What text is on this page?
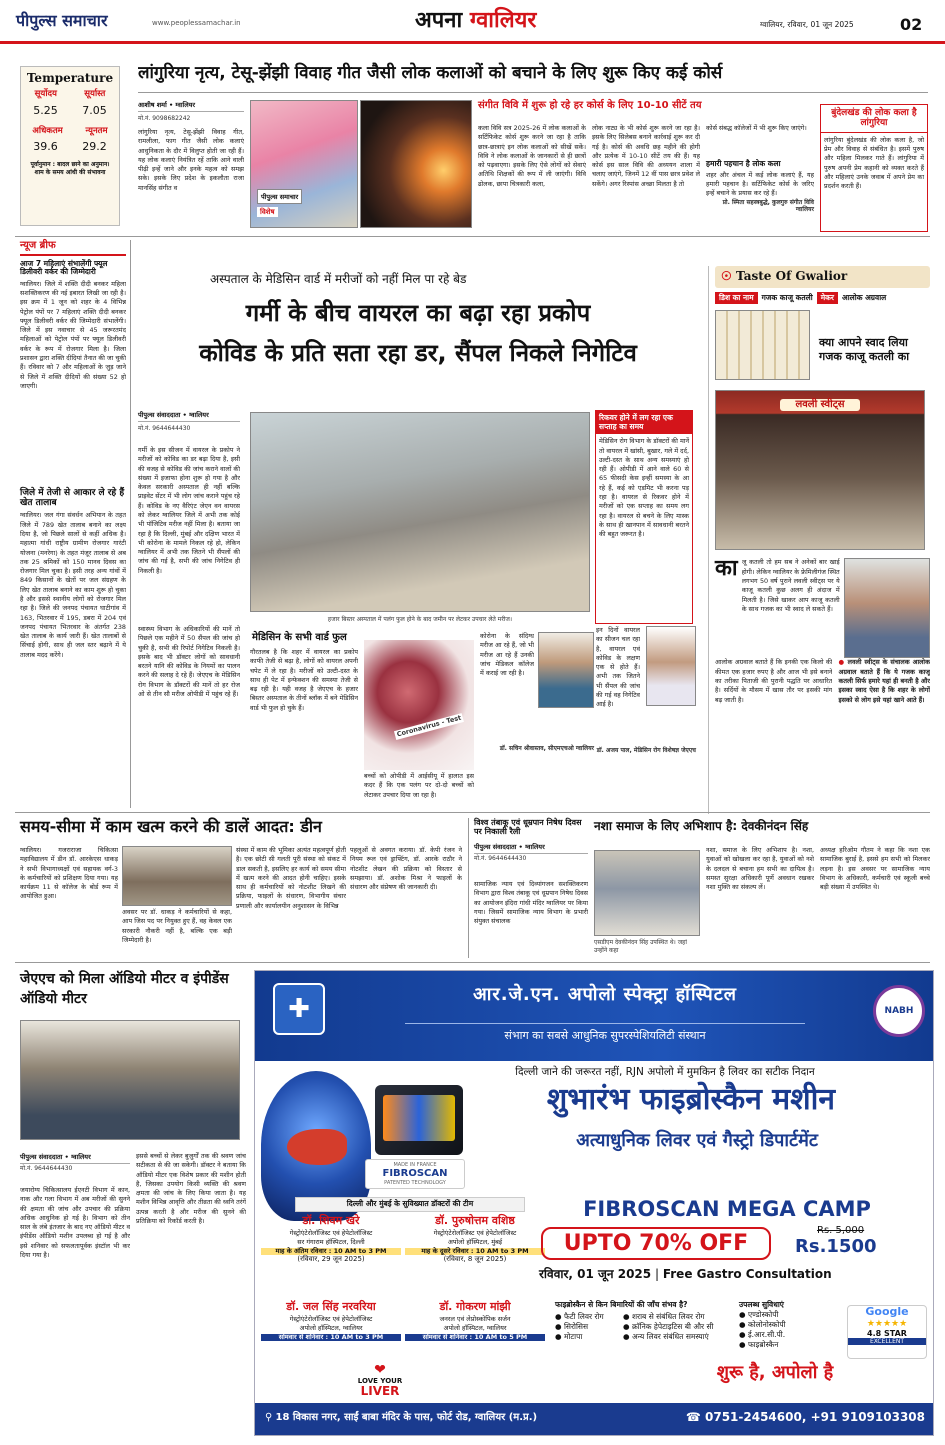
पीपुल्स समाचार	www.peoplessamachar.in	अपना ग्वालियर	ग्वालियर, रविवार, 01 जून 2025	02
Temperature
सूर्योदय	सूर्यास्त
5.25 7.05
अधिकतम	न्यूनतम
39.6 29.2
पूर्वानुमान : बादल छाने का अनुमान। शाम के समय आंधी की संभावना
लांगुरिया नृत्य, टेसू-झेंझी विवाह गीत जैसी लोक कलाओं को बचाने के लिए शुरू किए कई कोर्स
आशीष शर्मा • ग्वालियर
मो.नं. 9098682242
लांगुरिया नृत्य, टेसू-झेंझी विवाह गीत, रामलीला, फाग गीत जैसी लोक कलाएं आधुनिकता के दौर में विलुप्त होती जा रही हैं। यह लोक कलाएं नियंत्रित रहें ताकि आने वाली पीढ़ी इन्हें जाने और इनके महत्व को समझ सके। इसके लिए प्रदेश के इकलौता राजा मानसिंह संगीत व
पीपुल्स समाचार
विशेष
संगीत विवि में शुरू हो रहे हर कोर्स के लिए 10-10 सीटें तय
कला विवि सत्र 2025-26 में लोक कलाओं के सर्टिफिकेट कोर्स शुरू करने जा रहा है ताकि छात्र-छात्राएं इन लोक कलाओं को सीखें सकें। विवि ने लोक कलाओं के जानकारों से ही छात्रों को पढ़वाएगा। इसके लिए ऐसे लोगों को सेवाएं अतिथि शिक्षकों की रूप में ली जाएंगी। विवि ढोलक, छापा चित्रकारी कला,
लोक नाट्य के भी कोर्स शुरू करने जा रहा है। इसके लिए सिलेबस बनाने कार्रवाई शुरू कर दी गई है। कोर्स की अवधि छह महीने की होगी और प्रत्येक में 10-10 सीटें तय की हैं। यह कोर्स इस साल विवि की अध्ययन शाला में चलाए जाएंगे, जिनमें 12 वीं पास छात्र प्रवेश ले सकेंगे। अगर रिस्पांस अच्छा मिलता है तो
कोर्स संबद्ध कॉलेजों में भी शुरू किए जाएंगे।
हमारी पहचान है लोक कला
शहर और अंचल में कई लोक कलाएं हैं, यह हमारी पहचान है। सर्टिफिकेट कोर्स के जरिए इन्हें बचाने के प्रयास कर रहे हैं।
प्रो. स्मिता सहस्त्रबुद्धे, कुलगुरु संगीत विवि ग्वालियर
बुंदेलखंड की लोक कला है लांगुरिया
लांगुरिया बुंदेलखंड की लोक कला है, जो प्रेम और विवाह से संबंधित है। इसमें पुरुष और महिला मिलकर गाते हैं। लांगुरिया में पुरुष अपनी प्रेम कहानी को व्यक्त करते हैं और महिलाएं उनके जवाब में अपने प्रेम का प्रदर्शन करती हैं।
न्यूज ब्रीफ
आज 7 महिलाएं संभालेंगी फ्यूल डिलीवरी वर्कर की जिम्मेदारी
ग्वालियर। जिले में शक्ति दीदी बनकर महिला सशक्तिकरण की नई इबारत लिखी जा रही है। इस क्रम में 1 जून को शहर के 4 विभिन्न पेट्रोल पंपों पर 7 महिलाएं शक्ति दीदी बनकर फ्यूल डिलीवरी वर्कर की जिम्मेदारी संभालेंगी। जिले में इस नवाचार से 45 जरूरतमंद महिलाओं को पेट्रोल पंपों पर फ्यूल डिलीवरी वर्कर के रूप में रोजगार मिला है। जिला प्रशासन द्वारा शक्ति दीदियां तैनात की जा चुकी हैं। रविवार को 7 और महिलाओं के जुड़ जाने से जिले में शक्ति दीदियों की संख्या 52 हो जाएगी।
जिले में तेजी से आकार ले रहे हैं खेत तालाब
ग्वालियर। जल गंगा संवर्धन अभियान के तहत जिले में 789 खेत तालाब बनाने का लक्ष्य दिया है, जो पिछले सालों से कहीं अधिक है। महात्मा गांधी राष्ट्रीय ग्रामीण रोजगार गारंटी योजना (मनरेगा) के तहत मंजूर तालाब से अब तक 25 श्रमिकों को 150 मानव दिवस का रोजगार मिल चुका है। इसी तरह अन्य गांवों में 849 किसानों के खेतों पर जल संग्रहण के लिए खेत तालाब बनाने का काम शुरू हो चुका है और इससे स्थानीय लोगों को रोजगार मिल रहा है। जिले की जनपद पंचायत घाटीगांव में 163, भितरवार में 195, डबरा में 204 एवं जनपद पंचायत भितरवार के अंतर्गत 238 खेत तालाब के कार्य जारी हैं। खेत तालाबों से सिंचाई होगी, साथ ही जल स्तर बढ़ाने में ये तालाब मदद करेंगे।
अस्पताल के मेडिसिन वार्ड में मरीजों को नहीं मिल पा रहे बेड
गर्मी के बीच वायरल का बढ़ा रहा प्रकोप
कोविड के प्रति सता रहा डर, सैंपल निकले निगेटिव
पीपुल्स संवाददाता • ग्वालियर
मो.नं. 9644644430
गर्मी के इस सीजन में वायरल के प्रकोप ने मरीजों को कोविड का डर बढ़ा दिया है, इसी की वजह से कोविड की जांच कराने वालों की संख्या में इजाफा होना शुरू हो गया है और केवल सरकारी अस्पताल ही नहीं बल्कि प्राइवेट सेंटर में भी लोग जांच कराने पहुंच रहे हैं। कोविड के नए वैरिएंट जेएन वन वायरस को लेकर ग्वालियर जिले में अभी तक कोई भी पॉजिटिव मरीज नहीं मिला है। बताया जा रहा है कि दिल्ली, मुंबई और दक्षिण भारत में भी कोरोना के मामले निकल रहे हो, लेकिन ग्वालियर में अभी तक जितने भी सैंपलों की जांच की गई है, सभी की जांच निगेटिव ही निकली है।
स्वास्थ्य विभाग के अधिकारियों की मानें तो पिछले एक महीने में 50 सैंपल की जांच हो चुकी है, सभी की रिपोर्ट निगेटिव निकली है। इसके बाद भी डॉक्टर लोगों को सावधानी बरतने यानि की कोविड के नियमों का पालन करने की सलाह दे रहे हैं। जेएएच के मेडिसिन रोग विभाग के डॉक्टरों की मानें तो हर रोज ओ से तीन सौ मरीज ओपीडी में पहुंच रहे हैं।
हजार बिस्तर अस्पताल में पलंग फुल होने के बाद जमीन पर लेटकर उपचार लेते मरीज।
रिकवर होने में लग रहा एक सप्ताह का समय
मेडिसिन रोग विभाग के डॉक्टरों की मानें तो वायरल में खांसी, बुखार, गले में दर्द, उल्टी-दस्त के साथ अन्य समस्याएं हो रही हैं। ओपीडी में आने वाले 60 से 65 फीसदी केस इन्हीं समस्या के आ रहे हैं, कई को एडमिट भी करना पड़ रहा है। वायरल से रिकवर होने में मरीजों को एक सप्ताह का समय लग रहा है। वायरल से बचने के लिए मास्क के साथ ही खानपान में सावधानी बरतने की बहुत जरूरत है।
मेडिसिन के सभी वार्ड फुल
गौरतलब है कि शहर में वायरल का प्रकोप काफी तेजी से बढ़ा है, लोगों को वायरल अपनी चपेट में ले रहा है। मरीजों को उल्टी-दस्त के साथ ही पेट में इन्फेक्शन की समस्या तेजी से बढ़ रही है। यही वजह है जेएएच के हजार बिस्तर अस्पताल के तीनों ब्लॉक में बने मेडिसिन वार्ड भी फुल हो चुके हैं।
Coronavirus - Test
बच्चों को ओपीडी में आईसीयू में हालात इस कदर हैं कि एक पलंग पर दो-दो बच्चों को लेटाकर उपचार दिया जा रहा है।
कोरोना के संदिग्ध मरीज आ रहे हैं, जो भी मरीज आ रहे हैं उनकी जांच मेडिकल कॉलेज में कराई जा रही है।
डॉ. सचिन श्रीवास्तव, सीएमएचओ ग्वालियर
इन दिनों वायरल का सीजन चल रहा है, वायरल एवं कोविड के लक्षण एक से होते हैं। अभी तक जितने भी सैंपल की जांच की गई वह निगेटिव आई है।
डॉ. अजय पाल, मेडिसिन रोग विशेषज्ञ जेएएच
☉ Taste Of Gwalior
डिश का नाम	गजक काजू कतली	मेकर	आलोक अग्रवाल
क्या आपने स्वाद लिया गजक काजू कतली का
लवली स्वीट्स
का जू कतली तो हम सब ने अनेकों बार खाई होगी। लेकिन ग्वालियर के फ्रेमिलीगंज स्थित लगभग 50 वर्ष पुराने लवली स्वीट्स पर ये काजू कतली कुछ अलग ही अंदाज में मिलती है। जिसे खाकर आप काजू कतली के साथ गजक का भी स्वाद ले सकते हैं।
आलोक अग्रवाल बताते हैं कि इनकी एक किलो की कीमत एक हजार रुपए है और आज भी इसे बनाने का तरीका पिताजी की पुरानी पद्धति पर आधारित है। सर्दियों के मौसम में खास तौर पर इसकी मांग बढ़ जाती है।
● लवली स्वीट्स के संचालक आलोक अग्रवाल बताते हैं कि ये गजक काजू कतली सिर्फ हमारे यहां ही बनती है और इसका स्वाद ऐसा है कि शहर के लोगों इसको से लोग इसे यहां खाने आते हैं।
समय-सीमा में काम खत्म करने की डालें आदत: डीन
ग्वालियर। गजराराजा चिकित्सा महाविद्यालय में डीन डॉ. आरकेएस धाकड़ ने सभी विभागाध्यक्षों एवं सहायक वर्ग-3 के कर्मचारियों को प्रशिक्षण दिया गया। यह कार्यक्रम 11 से कॉलेज के बोर्ड रूम में आयोजित हुआ।
अवसर पर डॉ. धाकड़ ने कर्मचारियों से कहा, आप जिस पद पर नियुक्त हुए हैं, वह केवल एक सरकारी नौकरी नहीं है, बल्कि एक बड़ी जिम्मेदारी है।
संस्था में काम की भूमिका अत्यंत महत्वपूर्ण होती है। एक छोटी सी गलती पूरी संस्था को संकट में डाल सकती है, इसलिए हर कार्य को समय सीमा में खत्म करने की आदत होनी चाहिए। इसके साथ ही कर्मचारियों को नोटशीट लिखने की प्रक्रिया, फाइलों के संधारण, विभागीय संचार प्रणाली और कार्यालयीन अनुशासन के विभिन्न
पहलुओं से अवगत कराया। डॉ. केपी रंजन ने नियम रूल एवं ड्राफ्टिंग, डॉ. आरके राठौर ने नोटशीट लेखन की प्रक्रिया को विस्तार से समझाया। डॉ. अशोक मिश्रा ने फाइलों के संधारण और संप्रेषण की जानकारी दी।
विश्व तंबाकू एवं धूम्रपान निषेध दिवस पर निकाली रैली
पीपुल्स संवाददाता • ग्वालियर
मो.नं. 9644644430
सामाजिक न्याय एवं दिव्यांगजन सशक्तिकरण विभाग द्वारा विश्व तंबाकू एवं धूम्रपान निषेध दिवस का आयोजन इंदिरा गांधी मंदिर ग्वालियर पर किया गया। जिसमें सामाजिक न्याय विभाग के प्रभारी संयुक्त संचालक
नशा समाज के लिए अभिशाप है: देवकीनंदन सिंह
एसडीएम देवकीनंदन सिंह उपस्थित थे। जहां उन्होंने कहा
नशा, समाज के लिए अभिशाप है। नशा, युवाओं को खोखला कर रहा है, युवाओं को नशे के दलदल से बचाना हम सभी का दायित्व है। समस्त सुरक्षा अधिकारी पूर्णे अवधान रखकर नशा मुक्ति का संकल्प लें।
अध्यक्ष हरिओम गौतम ने कहा कि नशा एक सामाजिक बुराई है, इससे हम सभी को मिलकर लड़ना है। इस अवसर पर सामाजिक न्याय विभाग के अधिकारी, कर्मचारी एवं स्कूली बच्चे बड़ी संख्या में उपस्थित थे।
जेएएच को मिला ऑडियो मीटर व इंपीडेंस ऑडियो मीटर
पीपुल्स संवाददाता • ग्वालियर
मो.नं. 9644644430
जयारोग्य चिकित्सालय ईएनटी विभाग में कान, नाक और गला विभाग में अब मरीजों की सुनने की क्षमता की जांच और उपचार की प्रक्रिया अधिक आधुनिक हो गई है। विभाग को तीन साल के लंबे इंतजार के बाद नए ऑडियो मीटर व इंपीडेंस ऑडियो मशीन उपलब्ध हो गई है और इसे शनिवार को सफलतापूर्वक इंस्टॉल भी कर दिया गया है।
इससे बच्चों से लेकर बुजुर्गों तक की श्रवण जांच सटीकता से की जा सकेगी। डॉक्टर ने बताया कि ऑडियो मीटर एक विशेष प्रकार की मशीन होती है, जिसका उपयोग किसी व्यक्ति की श्रवण क्षमता की जांच के लिए किया जाता है। यह मशीन विभिन्न आवृत्ति और तीव्रता की ध्वनि तरंगें उत्पन्न करती है और मरीज की सुनने की प्रतिक्रिया को रिकॉर्ड करती है।
✚	आर.जे.एन. अपोलो स्पेक्ट्रा हॉस्पिटल
संभाग का सबसे आधुनिक सुपरस्पेशियलिटी संस्थान
NABH
दिल्ली जाने की जरूरत नहीं, RJN अपोलो में मुमकिन है लिवर का सटीक निदान
MADE IN FRANCE
FIBROSCAN
PATENTED TECHNOLOGY
शुभारंभ फाइब्रोस्कैन मशीन
अत्याधुनिक लिवर एवं गैस्ट्रो डिपार्टमेंट
दिल्ली और मुंबई के सुविख्यात डॉक्टरों की टीम
डॉ. शिवम खरे
गेस्ट्रोएंटेरोलॉजिस्ट एवं हेपेटोलॉजिस्ट
सर गंगाराम हॉस्पिटल, दिल्ली
माह के अंतिम रविवार : 10 AM to 3 PM
(रविवार, 29 जून 2025)
डॉ. पुरुषोत्तम वशिष्ठ
गेस्ट्रोएंटेरोलॉजिस्ट एवं हेपेटोलॉजिस्ट
अपोलो हॉस्पिटल, मुंबई
माह के दूसरे रविवार : 10 AM to 3 PM
(रविवार, 8 जून 2025)
डॉ. जल सिंह नरवरिया
गेस्ट्रोएंटेरोलॉजिस्ट एवं हेपेटोलॉजिस्ट
अपोलो हॉस्पिटल, ग्वालियर
सोमवार से शनिवार : 10 AM to 3 PM
डॉ. गोकरण मांझी
जनरल एवं लेप्रोस्कोपिक सर्जन
अपोलो हॉस्पिटल, ग्वालियर
सोमवार से शनिवार : 10 AM to 5 PM
FIBROSCAN MEGA CAMP
UPTO 70% OFF
Rs. 5,000
Rs.1500
रविवार, 01 जून 2025 | Free Gastro Consultation
फाइब्रोस्कैन से किन बिमारियों की जाँच संभव है?
● फैटी लिवर रोग
● सिरोसिस
● मोटापा
● शराब से संबंधित लिवर रोग
● क्रॉनिक हेपेटाइटिस बी और सी
● अन्य लिवर संबंधित समस्याएं
उपलब्ध सुविधाएं
● एण्डोस्कोपी
● कोलोनोस्कोपी
● ई.आर.सी.पी.
● फाइब्रोस्कैन
Google
★★★★★
4.8 STAR
EXCELLENT
❤
LOVE YOUR
LIVER
शुरू है, अपोलो है
⚲ 18 विकास नगर, साईं बाबा मंदिर के पास, फोर्ट रोड, ग्वालियर (म.प्र.)	☎ 0751-2454600, +91 9109103308
